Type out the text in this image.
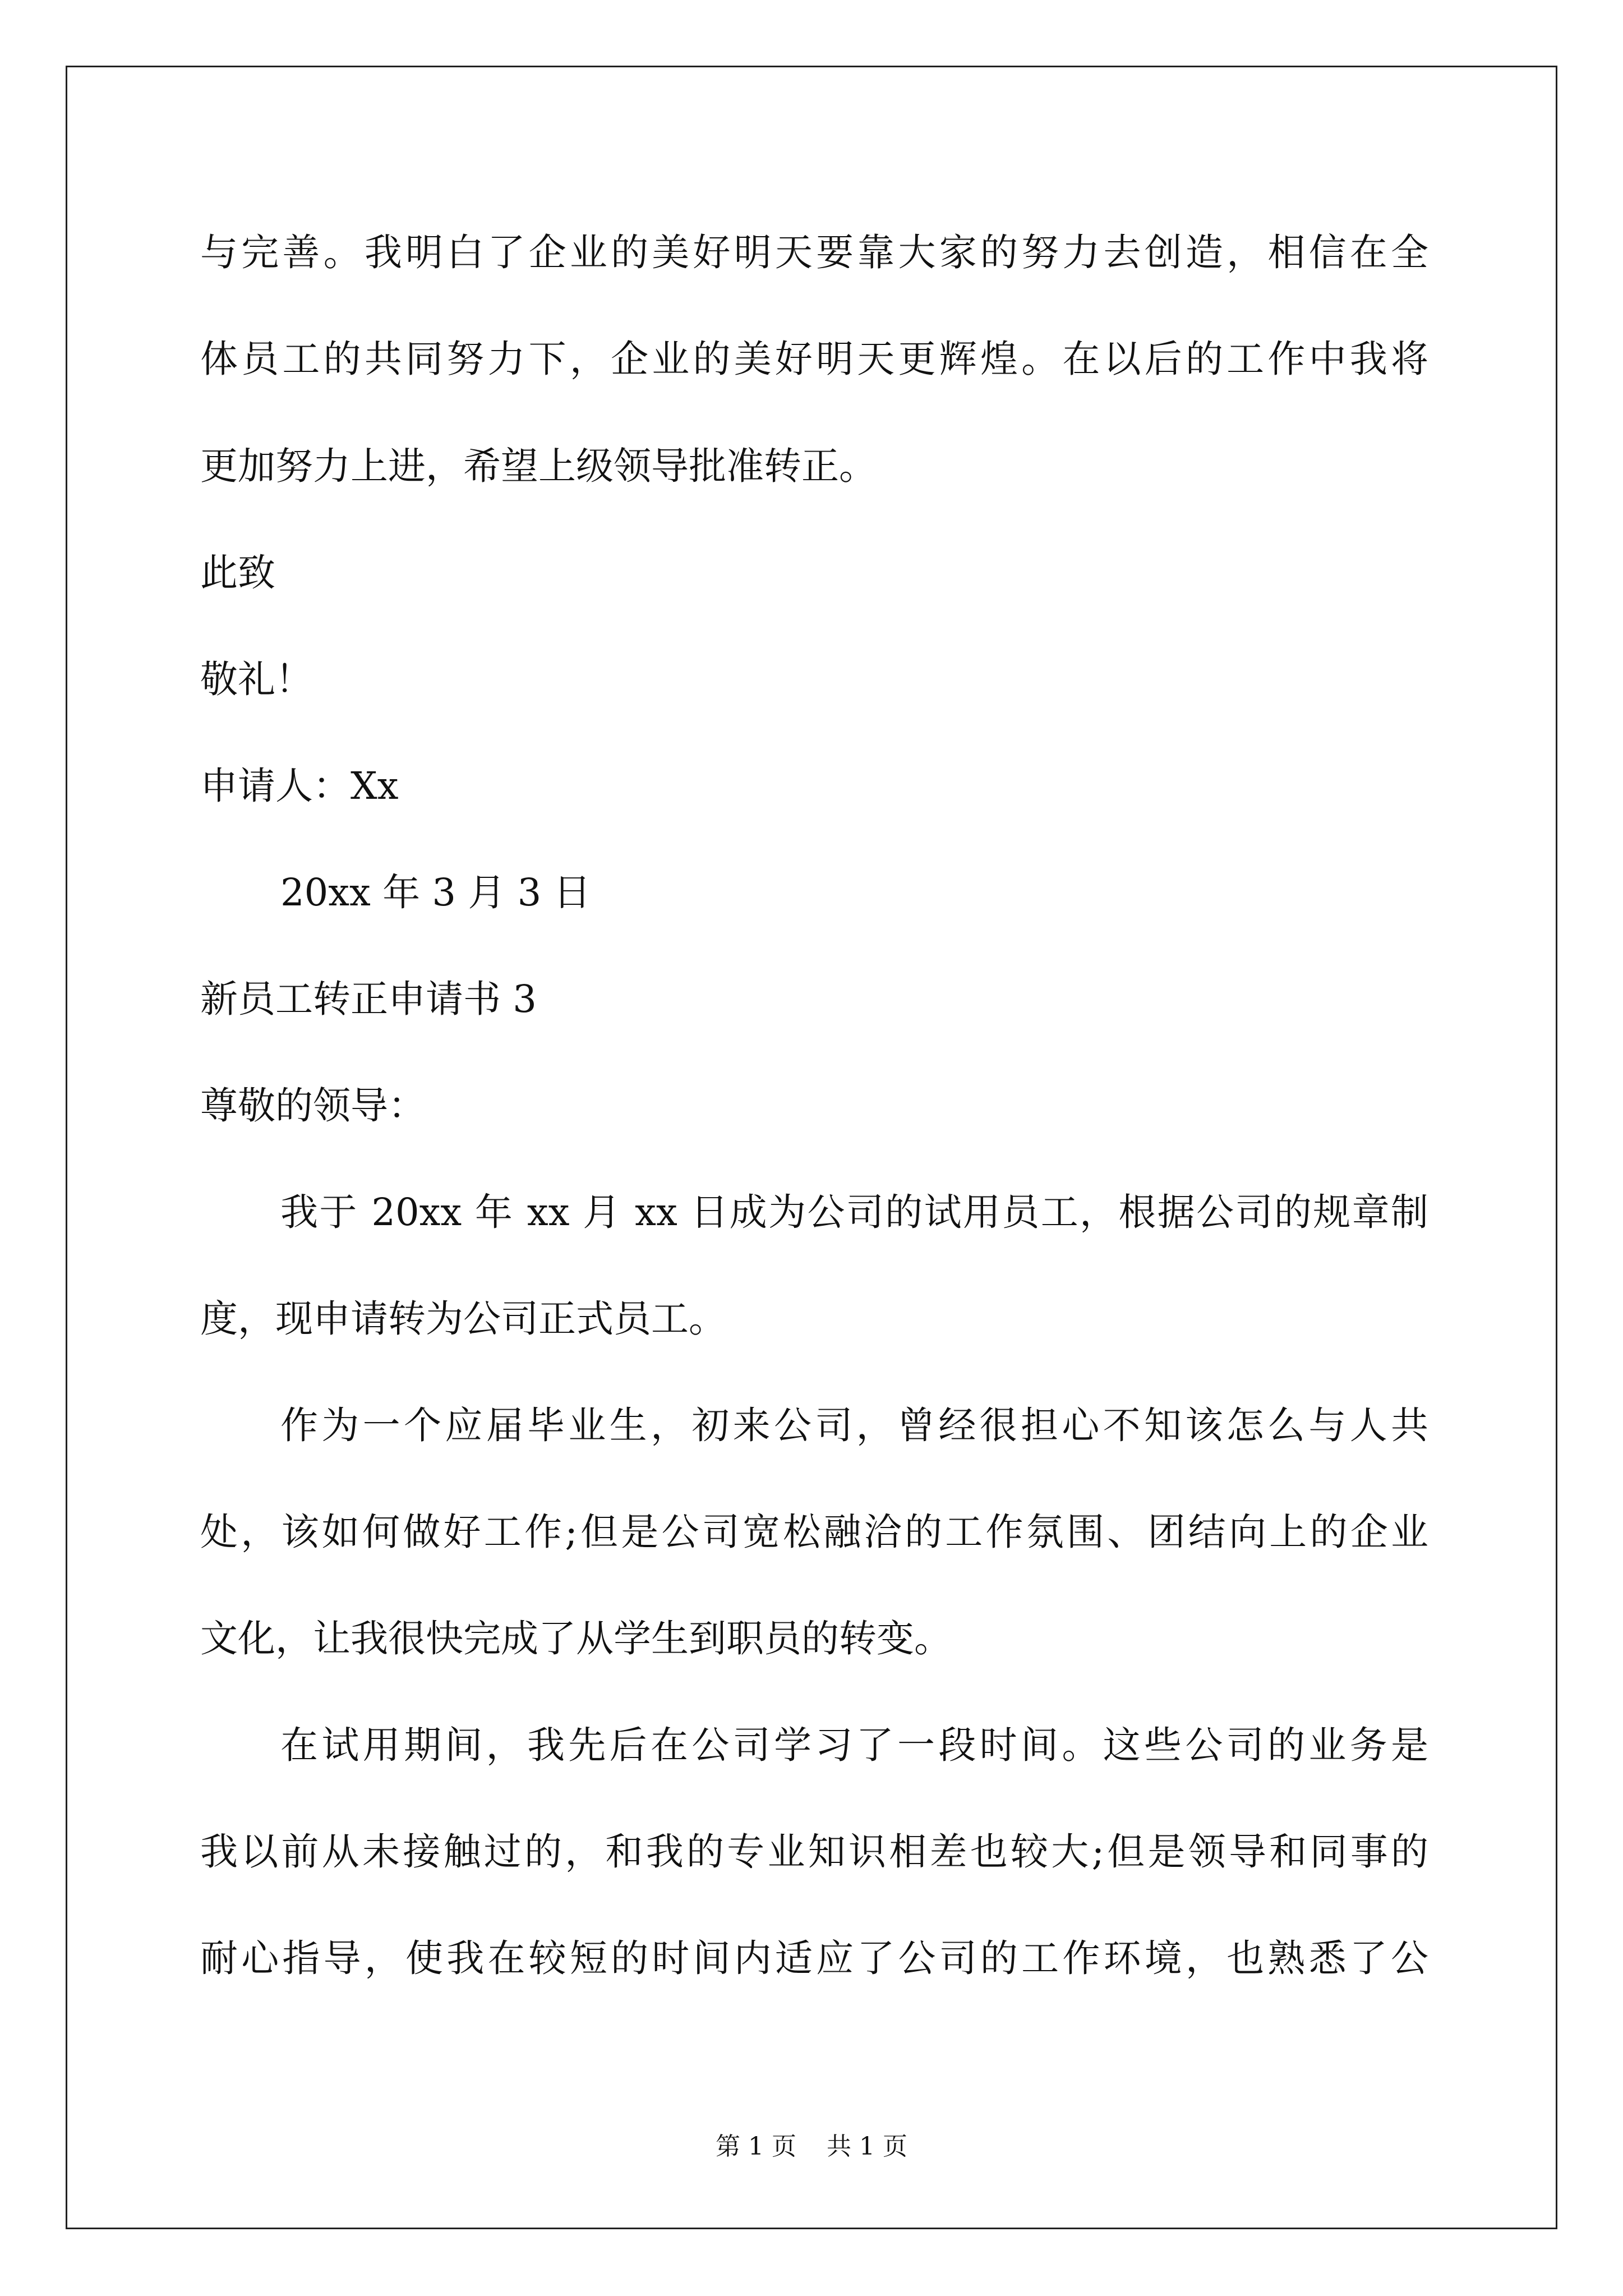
与完善。我明白了企业的美好明天要靠大家的努力去创造，相信在全
体员工的共同努力下，企业的美好明天更辉煌。在以后的工作中我将
更加努力上进，希望上级领导批准转正。
此致
敬礼！
申请人：Xx
20xx 年 3 月 3 日
新员工转正申请书 3
尊敬的领导：
我于 20xx 年 xx 月 xx 日成为公司的试用员工，根据公司的规章制
度，现申请转为公司正式员工。
作为一个应届毕业生，初来公司，曾经很担心不知该怎么与人共
处，该如何做好工作;但是公司宽松融洽的工作氛围、团结向上的企业
文化，让我很快完成了从学生到职员的转变。
在试用期间，我先后在公司学习了一段时间。这些公司的业务是
我以前从未接触过的，和我的专业知识相差也较大;但是领导和同事的
耐心指导，使我在较短的时间内适应了公司的工作环境，也熟悉了公
第 1 页 共 1 页
